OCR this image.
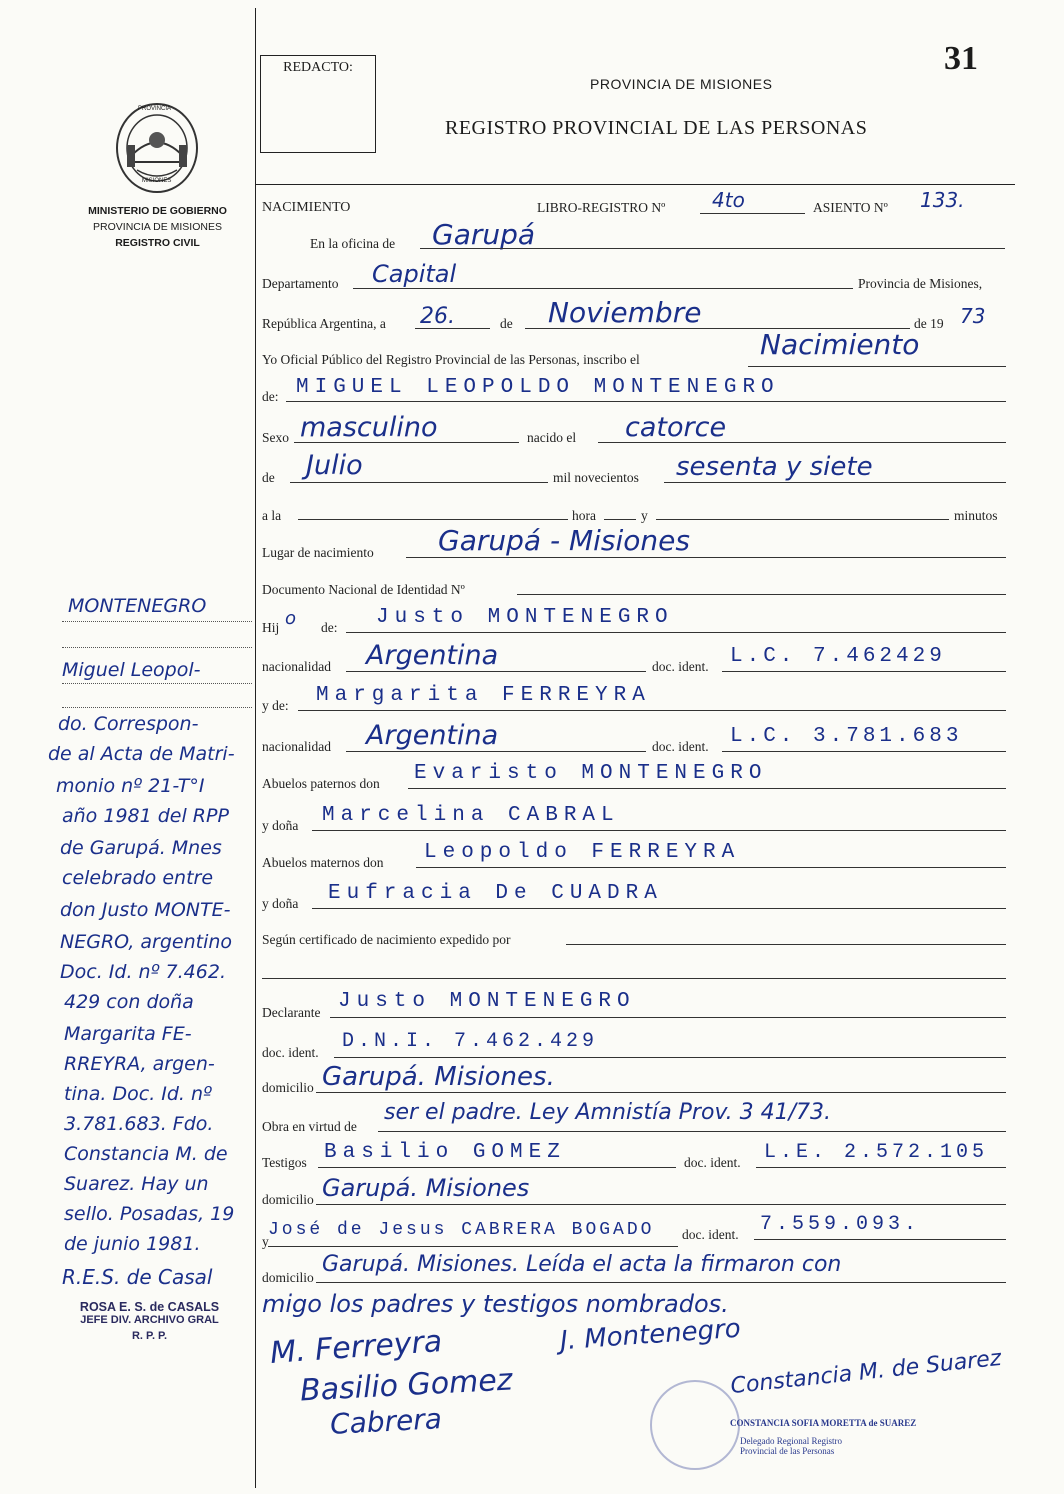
31
REDACTO:
PROVINCIA DE MISIONES
REGISTRO PROVINCIAL DE LAS PERSONAS
PROVINCIA
MISIONES
MINISTERIO DE GOBIERNO
PROVINCIA DE MISIONES
REGISTRO CIVIL
NACIMIENTO	LIBRO-REGISTRO Nº 4to	ASIENTO Nº 133.
En la oficina de Garupá
Departamento Capital	Provincia de Misiones,
República Argentina, a 26.	de Noviembre	de 19 73
Yo Oficial Público del Registro Provincial de las Personas, inscribo el	Nacimiento
de: MIGUEL LEOPOLDO MONTENEGRO
Sexo masculino	nacido el catorce
de Julio	mil novecientos sesenta y siete
a la	hora	y	minutos
Lugar de nacimiento Garupá - Misiones
Documento Nacional de Identidad Nº
Hij o de: Justo MONTENEGRO
nacionalidad Argentina	doc. ident. L.C. 7.462429
y de: Margarita FERREYRA
nacionalidad Argentina	doc. ident. L.C. 3.781.683
Abuelos paternos don Evaristo MONTENEGRO
y doña Marcelina CABRAL
Abuelos maternos don Leopoldo FERREYRA
y doña Eufracia De CUADRA
Según certificado de nacimiento expedido por
Declarante Justo MONTENEGRO
doc. ident. D.N.I. 7.462.429
domicilio Garupá. Misiones.
Obra en virtud de
ser el padre. Ley Amnistía Prov. 3 41/73.
Testigos Basilio GOMEZ	doc. ident. L.E. 2.572.105
domicilio Garupá. Misiones
y
José de Jesus CABRERA BOGADO doc. ident. 7.559.093.
domicilio
Garupá. Misiones. Leída el acta la firmaron con
migo los padres y testigos nombrados.
M. Ferreyra	J. Montenegro
Basilio Gomez
Cabrera
Constancia M. de Suarez
CONSTANCIA SOFIA MORETTA de SUAREZ
Delegado Regional Registro
Provincial de las Personas
MONTENEGRO
Miguel Leopol-
do. Correspon-
de al Acta de Matri-
monio nº 21-T°I
año 1981 del RPP
de Garupá. Mnes
celebrado entre
don Justo MONTE-
NEGRO, argentino
Doc. Id. nº 7.462.
429 con doña
Margarita FE-
RREYRA, argen-
tina. Doc. Id. nº
3.781.683. Fdo.
Constancia M. de
Suarez. Hay un
sello. Posadas, 19
de junio 1981.
R.E.S. de Casal
ROSA E. S. de CASALS
JEFE DIV. ARCHIVO GRAL
R. P. P.
